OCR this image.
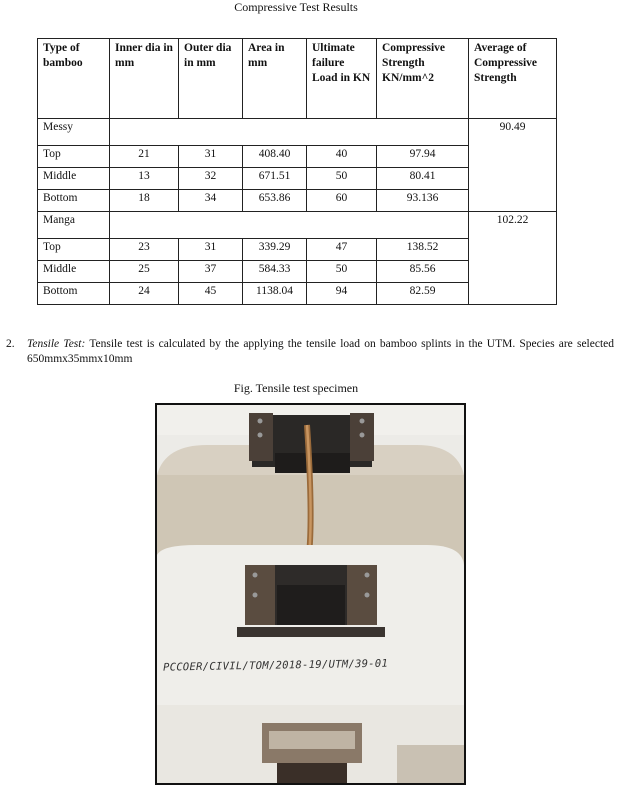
Compressive Test Results
Type of bamboo	Inner dia in mm	Outer dia in mm	Area in mm	Ultimate failure Load in KN	Compressive Strength KN/mm^2	Average of Compressive Strength
Messy						90.49
Top	21	31	408.40	40	97.94	
Middle	13	32	671.51	50	80.41	
Bottom	18	34	653.86	60	93.136	
Manga						102.22
Top	23	31	339.29	47	138.52	
Middle	25	37	584.33	50	85.56	
Bottom	24	45	1138.04	94	82.59	
2. Tensile Test: Tensile test is calculated by the applying the tensile load on bamboo splints in the UTM. Species are selected 650mmx35mmx10mm
Fig. Tensile test specimen
PCCOER/CIVIL/TOM/2018-19/UTM/39-01
